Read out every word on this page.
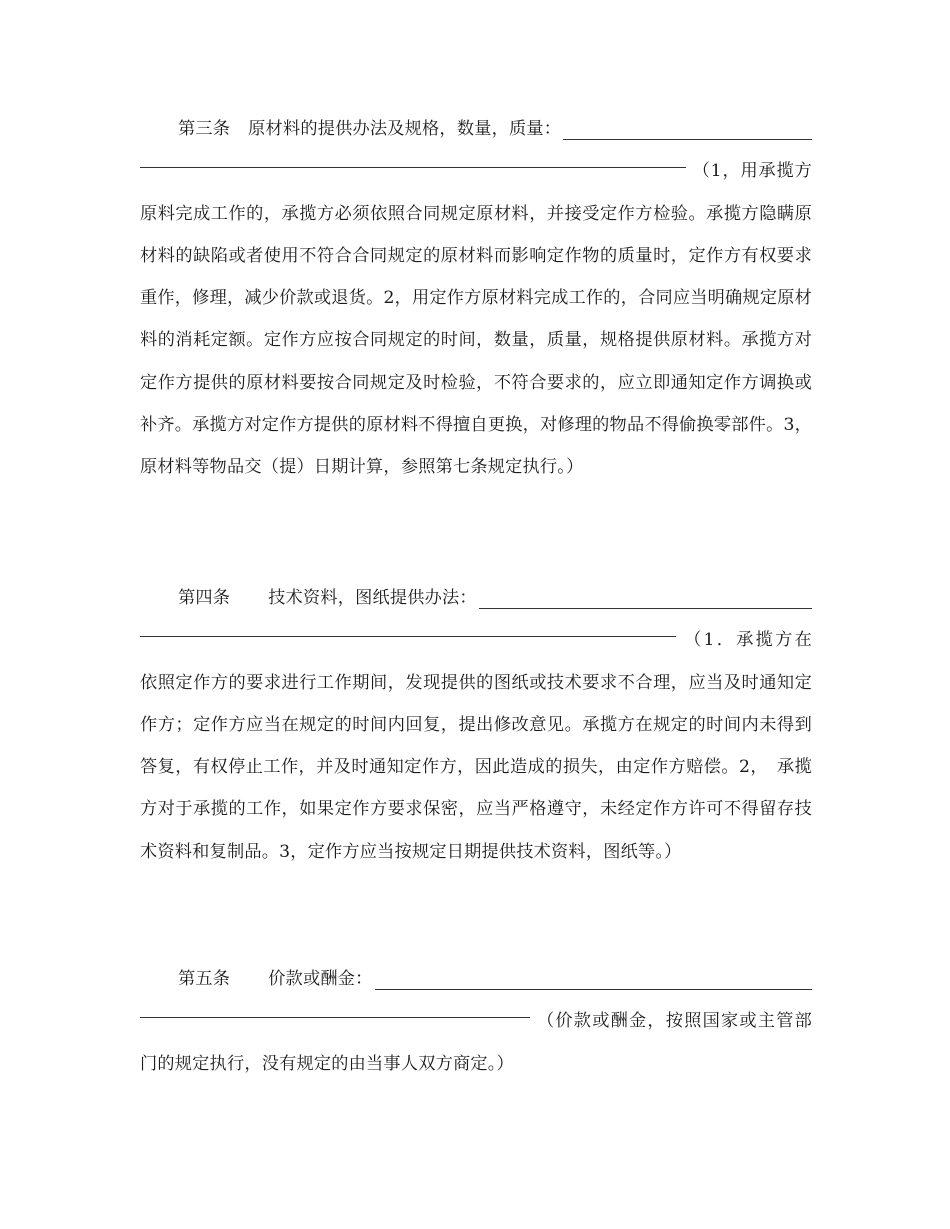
第三条 原材料的提供办法及规格，数量，质量：
（1，用承揽方原料完成工作的，承揽方必须依照合同规定原材料，并接受定作方检验。承揽方隐瞒原材料的缺陷或者使用不符合合同规定的原材料而影响定作物的质量时，定作方有权要求重作，修理，减少价款或退货。2，用定作方原材料完成工作的，合同应当明确规定原材料的消耗定额。定作方应按合同规定的时间，数量，质量，规格提供原材料。承揽方对定作方提供的原材料要按合同规定及时检验，不符合要求的，应立即通知定作方调换或补齐。承揽方对定作方提供的原材料不得擅自更换，对修理的物品不得偷换零部件。3，原材料等物品交（提）日期计算，参照第七条规定执行。）
第四条 技术资料，图纸提供办法：
（1．承揽方在依照定作方的要求进行工作期间，发现提供的图纸或技术要求不合理，应当及时通知定作方；定作方应当在规定的时间内回复，提出修改意见。承揽方在规定的时间内未得到答复，有权停止工作，并及时通知定作方，因此造成的损失，由定作方赔偿。2，　承揽方对于承揽的工作，如果定作方要求保密，应当严格遵守，未经定作方许可不得留存技术资料和复制品。3，定作方应当按规定日期提供技术资料，图纸等。）
第五条 价款或酬金：
（价款或酬金，按照国家或主管部门的规定执行，没有规定的由当事人双方商定。）
